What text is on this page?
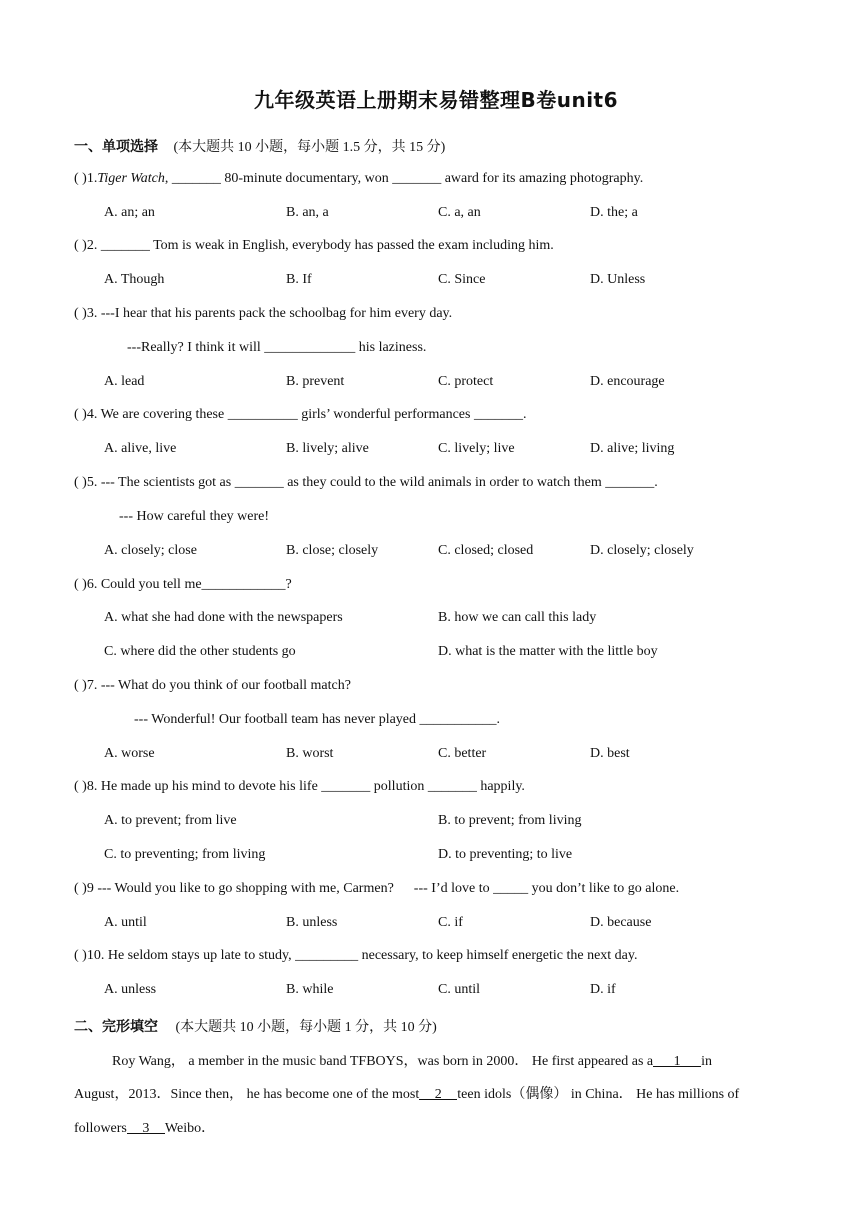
九年级英语上册期末易错整理B卷unit6
一、单项选择 (本大题共 10 小题，每小题 1.5 分，共 15 分)
( )1.Tiger Watch, _______ 80-minute documentary, won _______ award for its amazing photography.
A. an; an	B. an, a	C. a, an	D. the; a
( )2. _______ Tom is weak in English, everybody has passed the exam including him.
A. Though	B. If	C. Since	D. Unless
( )3. ---I hear that his parents pack the schoolbag for him every day.
---Really? I think it will _____________ his laziness.
A. lead	B. prevent	C. protect	D. encourage
( )4. We are covering these __________ girls’ wonderful performances _______.
A. alive, live	B. lively; alive	C. lively; live	D. alive; living
( )5. --- The scientists got as _______ as they could to the wild animals in order to watch them _______.
--- How careful they were!
A. closely; close	B. close; closely	C. closed; closed	D. closely; closely
( )6. Could you tell me____________?
A. what she had done with the newspapers	B. how we can call this lady
C. where did the other students go	D. what is the matter with the little boy
( )7. --- What do you think of our football match?
--- Wonderful! Our football team has never played ___________.
A. worse	B. worst	C. better	D. best
( )8. He made up his mind to devote his life _______ pollution _______ happily.
A. to prevent; from live	B. to prevent; from living
C. to preventing; from living	D. to preventing; to live
( )9 --- Would you like to go shopping with me, Carmen? --- I’d love to _____ you don’t like to go alone.
A. until	B. unless	C. if	D. because
( )10. He seldom stays up late to study, _________ necessary, to keep himself energetic the next day.
A. unless	B. while	C. until	D. if
二、完形填空 (本大题共 10 小题，每小题 1 分，共 10 分)
Roy Wang， a member in the music band TFBOYS，was born in 2000． He first appeared as a 1 in
August，2013．Since then， he has become one of the most 2 teen idols（偶像） in China． He has millions of
followers 3 Weibo．
